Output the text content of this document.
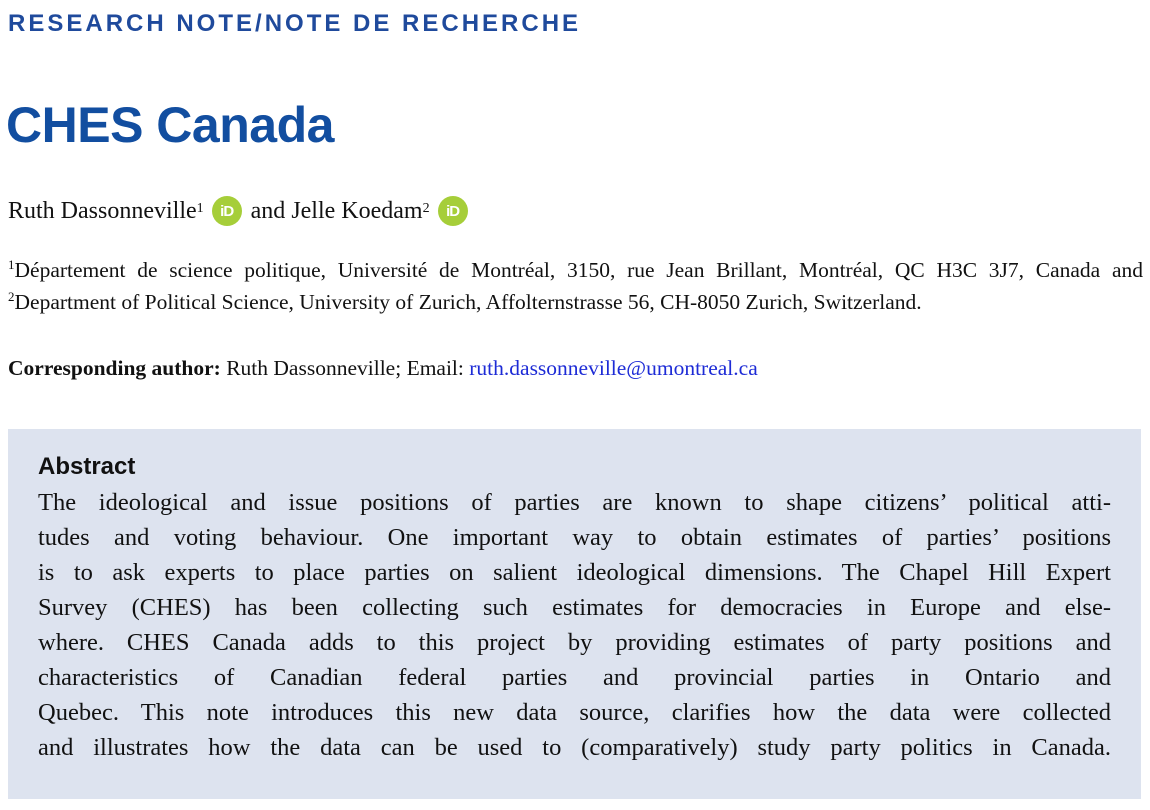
RESEARCH NOTE/NOTE DE RECHERCHE
CHES Canada
Ruth Dassonneville$^1$ iD and
Jelle Koedam$^2$ iD
$^1$Département de science politique, Université de Montréal, 3150, rue Jean Brillant, Montréal, QC H3C 3J7, Canada and $^2$Department of Political Science, University of Zurich, Affolternstrasse 56, CH-8050 Zurich, Switzerland.
Corresponding author: Ruth Dassonneville; Email: ruth.dassonneville@umontreal.ca
Abstract
The ideological and issue positions of parties are known to shape citizens’ political atti-
tudes and voting behaviour. One important way to obtain estimates of parties’ positions
is to ask experts to place parties on salient ideological dimensions. The Chapel Hill Expert
Survey (CHES) has been collecting such estimates for democracies in Europe and else-
where. CHES Canada adds to this project by providing estimates of party positions and
characteristics of Canadian federal parties and provincial parties in Ontario and
Quebec. This note introduces this new data source, clarifies how the data were collected
and illustrates how the data can be used to (comparatively) study party politics in Canada.
